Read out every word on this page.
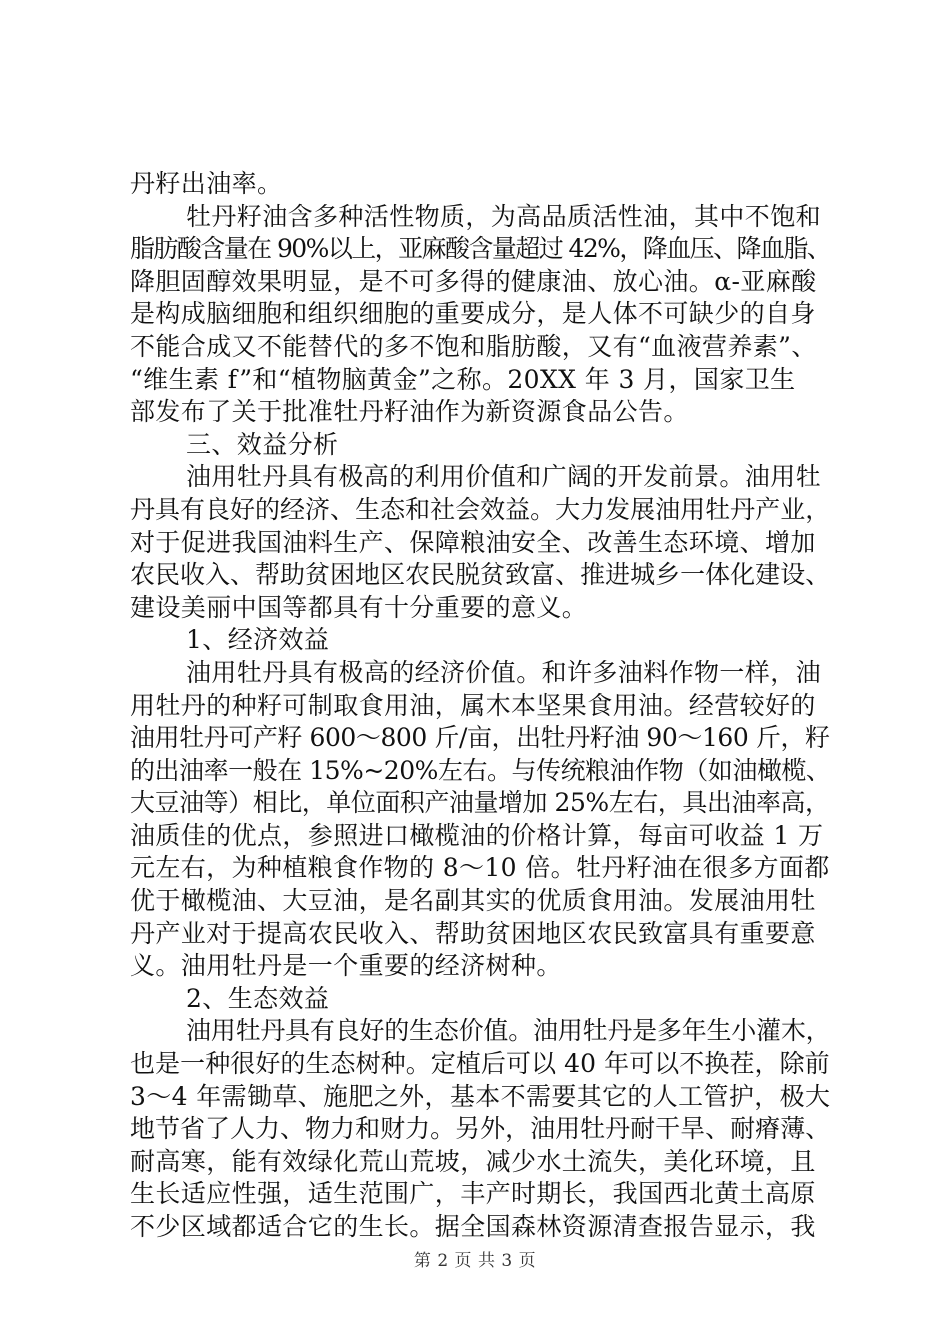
丹籽出油率。
牡丹籽油含多种活性物质，为高品质活性油，其中不饱和
脂肪酸含量在 90%以上，亚麻酸含量超过 42%，降血压、降血脂、
降胆固醇效果明显，是不可多得的健康油、放心油。α-亚麻酸
是构成脑细胞和组织细胞的重要成分，是人体不可缺少的自身
不能合成又不能替代的多不饱和脂肪酸，又有“血液营养素”、
“维生素 f”和“植物脑黄金”之称。20XX 年 3 月，国家卫生
部发布了关于批准牡丹籽油作为新资源食品公告。
三、效益分析
油用牡丹具有极高的利用价值和广阔的开发前景。油用牡
丹具有良好的经济、生态和社会效益。大力发展油用牡丹产业，
对于促进我国油料生产、保障粮油安全、改善生态环境、增加
农民收入、帮助贫困地区农民脱贫致富、推进城乡一体化建设、
建设美丽中国等都具有十分重要的意义。
1、经济效益
油用牡丹具有极高的经济价值。和许多油料作物一样，油
用牡丹的种籽可制取食用油，属木本坚果食用油。经营较好的
油用牡丹可产籽 600～800 斤/亩，出牡丹籽油 90～160 斤，籽
的出油率一般在 15%~20%左右。与传统粮油作物（如油橄榄、
大豆油等）相比，单位面积产油量增加 25%左右，具出油率高，
油质佳的优点，参照进口橄榄油的价格计算，每亩可收益 1 万
元左右，为种植粮食作物的 8～10 倍。牡丹籽油在很多方面都
优于橄榄油、大豆油，是名副其实的优质食用油。发展油用牡
丹产业对于提高农民收入、帮助贫困地区农民致富具有重要意
义。油用牡丹是一个重要的经济树种。
2、生态效益
油用牡丹具有良好的生态价值。油用牡丹是多年生小灌木，
也是一种很好的生态树种。定植后可以 40 年可以不换茬，除前
3～4 年需锄草、施肥之外，基本不需要其它的人工管护，极大
地节省了人力、物力和财力。另外，油用牡丹耐干旱、耐瘠薄、
耐高寒，能有效绿化荒山荒坡，减少水土流失，美化环境，且
生长适应性强，适生范围广，丰产时期长，我国西北黄土高原
不少区域都适合它的生长。据全国森林资源清查报告显示，我
第 2 页 共 3 页
